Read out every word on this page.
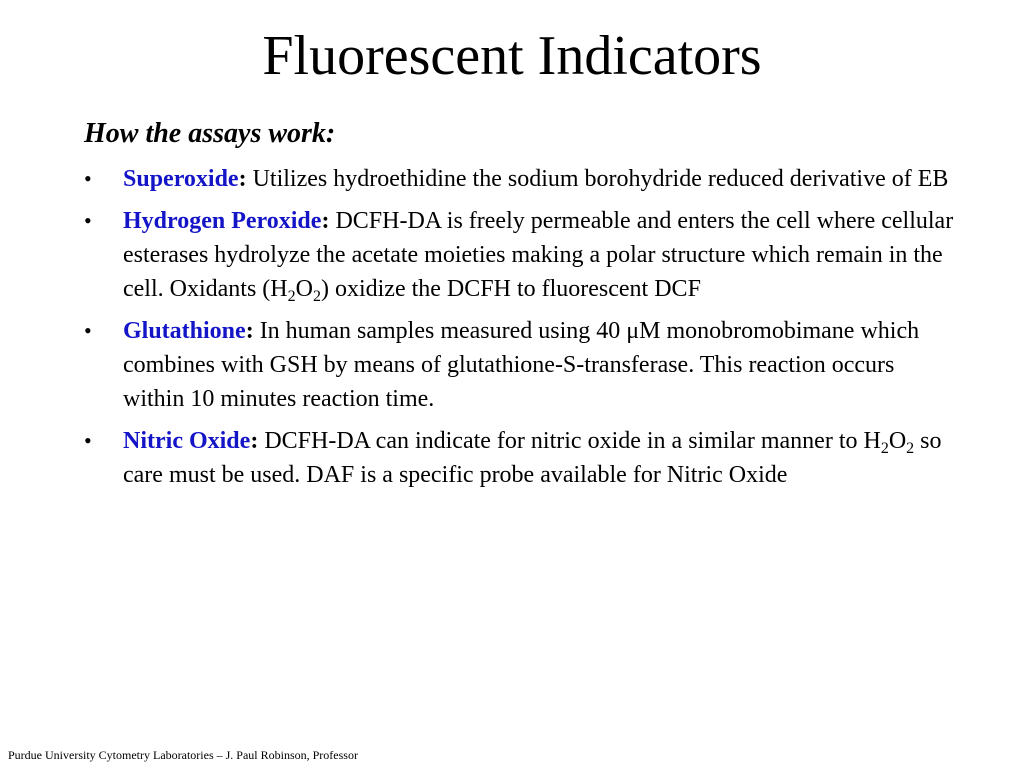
Fluorescent Indicators

How the assays work:

•	Superoxide: Utilizes hydroethidine the sodium borohydride reduced derivative of EB
•	Hydrogen Peroxide: DCFH-DA is freely permeable and enters the cell where cellular esterases hydrolyze the acetate moieties making a polar structure which remain in the cell. Oxidants $(H_2O_2)$ oxidize the DCFH to fluorescent DCF
•	Glutathione: In human samples measured using 40 μM monobromobimane which combines with GSH by means of glutathione-S-transferase. This reaction occurs within 10 minutes reaction time.
•	Nitric Oxide: DCFH-DA can indicate for nitric oxide in a similar manner to $H_2O_2$ so care must be used. DAF is a specific probe available for Nitric Oxide

Purdue University Cytometry Laboratories – J. Paul Robinson, Professor
